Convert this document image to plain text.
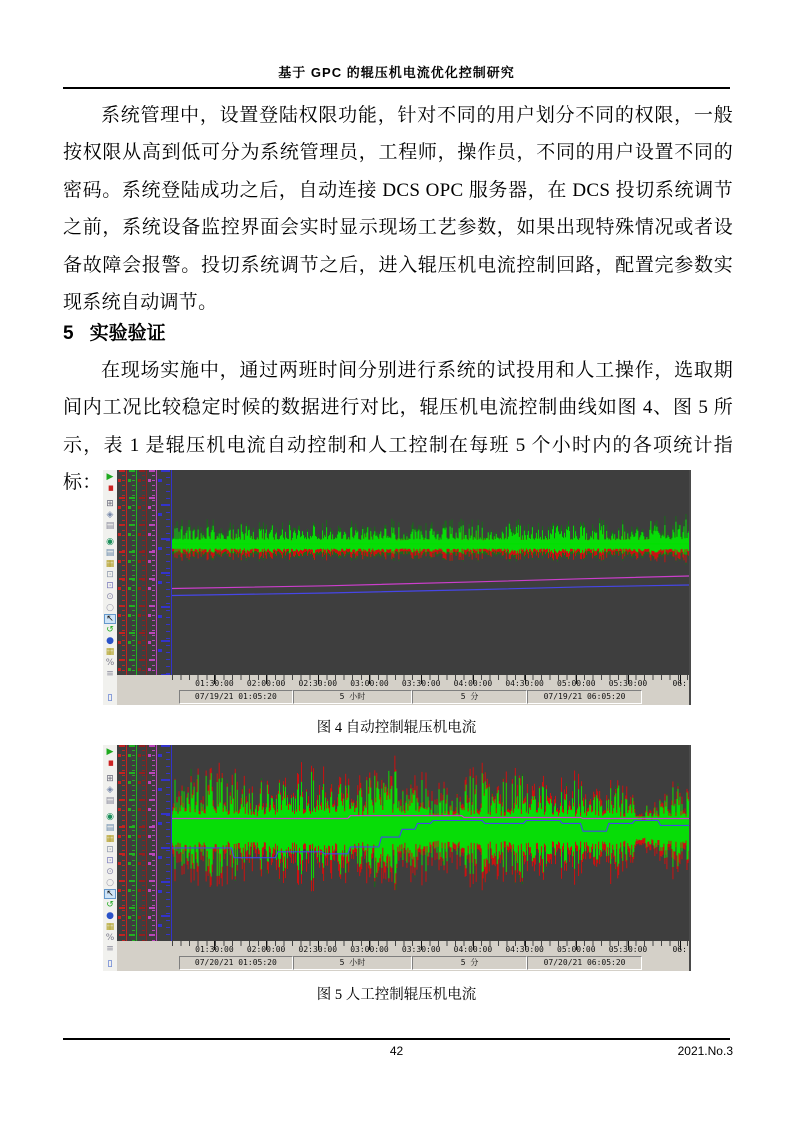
基于 GPC 的辊压机电流优化控制研究
系统管理中，设置登陆权限功能，针对不同的用户划分不同的权限，一般按权限从高到低可分为系统管理员，工程师，操作员，不同的用户设置不同的密码。系统登陆成功之后，自动连接 DCS OPC 服务器，在 DCS 投切系统调节之前，系统设备监控界面会实时显示现场工艺参数，如果出现特殊情况或者设备故障会报警。投切系统调节之后，进入辊压机电流控制回路，配置完参数实现系统自动调节。
5 实验验证
在现场实施中，通过两班时间分别进行系统的试投用和人工操作，选取期间内工况比较稳定时候的数据进行对比，辊压机电流控制曲线如图 4、图 5 所示，表 1 是辊压机电流自动控制和人工控制在每班 5 个小时内的各项统计指标： ▶
▮▮
⊞
◈
▤
◉
▤
▦
⊡
⊡
⊙
○
↖
↺
●
▦
%
≡
▯
01:30:00 02:00:00 02:30:00 03:00:00 03:30:00 04:00:00 04:30:00 05:00:00 05:30:00	06:
07/19/21 01:05:20	5 小时	5 分	07/19/21 06:05:20
图 4 自动控制辊压机电流
▶
▮▮
⊞
◈
▤
◉
▤
▦
⊡
⊡
⊙
○
↖
↺
●
▦
%
≡
▯
01:30:00 02:00:00 02:30:00 03:00:00 03:30:00 04:00:00 04:30:00 05:00:00 05:30:00	06:
07/20/21 01:05:20	5 小时	5 分	07/20/21 06:05:20
图 5 人工控制辊压机电流
42	2021.No.3
